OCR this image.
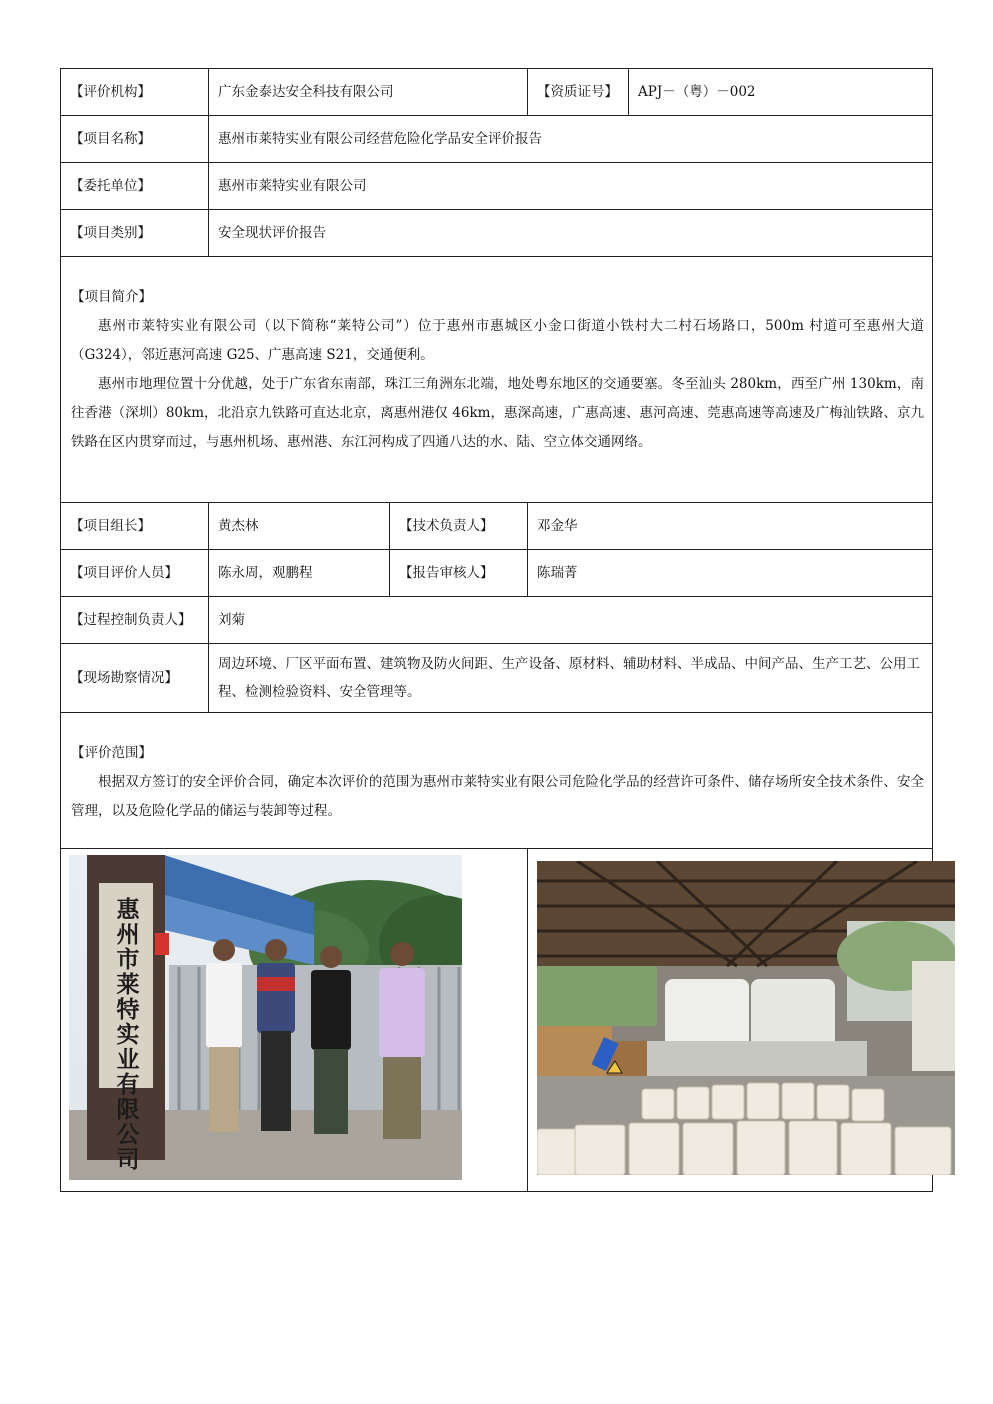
【评价机构】	广东金泰达安全科技有限公司		【资质证号】	APJ－（粤）－002
【项目名称】	惠州市莱特实业有限公司经营危险化学品安全评价报告			
【委托单位】	惠州市莱特实业有限公司			
【项目类别】	安全现状评价报告			

【项目简介】

惠州市莱特实业有限公司（以下简称“莱特公司”）位于惠州市惠城区小金口街道小铁村大二村石场路口，500m 村道可至惠州大道（G324），邻近惠河高速 G25、广惠高速 S21，交通便利。

惠州市地理位置十分优越，处于广东省东南部，珠江三角洲东北端，地处粤东地区的交通要塞。冬至汕头 280km，西至广州 130km，南往香港（深圳）80km，北沿京九铁路可直达北京，离惠州港仅 46km，惠深高速，广惠高速、惠河高速、莞惠高速等高速及广梅汕铁路、京九铁路在区内贯穿而过，与惠州机场、惠州港、东江河构成了四通八达的水、陆、空立体交通网络。				

【项目组长】	黄杰林	【技术负责人】	邓金华	
【项目评价人员】	陈永周，观鹏程	【报告审核人】	陈瑞菁	
【过程控制负责人】	刘菊			
【现场勘察情况】	周边环境、厂区平面布置、建筑物及防火间距、生产设备、原材料、辅助材料、半成品、中间产品、生产工艺、公用工程、检测检验资料、安全管理等。			

【评价范围】

根据双方签订的安全评价合同，确定本次评价的范围为惠州市莱特实业有限公司危险化学品的经营许可条件、储存场所安全技术条件、安全管理，以及危险化学品的储运与装卸等过程。				

惠州市莱特实业有限公司
